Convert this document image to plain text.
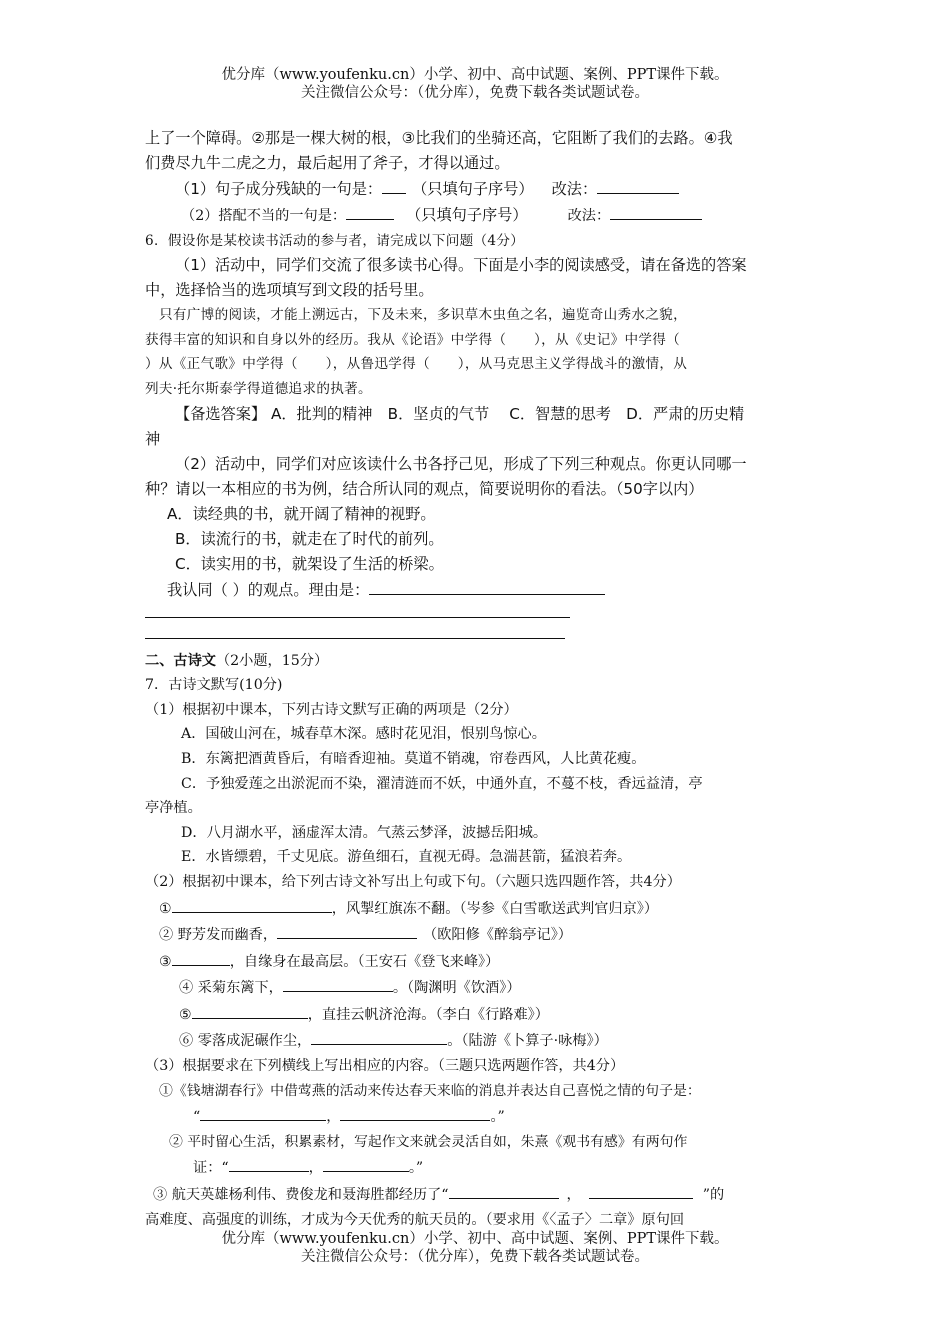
优分库（www.youfenku.cn）小学、初中、高中试题、案例、PPT课件下载。
关注微信公众号：（优分库），免费下载各类试题试卷。

上了一个障碍。②那是一棵大树的根，③比我们的坐骑还高，它阻断了我们的去路。④我

们费尽九牛二虎之力，最后起用了斧子，才得以通过。

（1）句子成分残缺的一句是： （只填句子序号） 改法：

（2）搭配不当的一句是：	（只填句子序号）	改法：
6．假设你是某校读书活动的参与者，请完成以下问题（4分）

（1）活动中，同学们交流了很多读书心得。下面是小李的阅读感受，请在备选的答案

中，选择恰当的选项填写到文段的括号里。

只有广博的阅读，才能上溯远古，下及未来，多识草木虫鱼之名，遍览奇山秀水之貌，

获得丰富的知识和自身以外的经历。我从《论语》中学得（　　），从《史记》中学得（

）从《正气歌》中学得（　　），从鲁迅学得（　　），从马克思主义学得战斗的激情，从

列夫·托尔斯泰学得道德追求的执著。

【备选答案】 A．批判的精神　B．坚贞的气节　 C．智慧的思考　D．严肃的历史精

神

（2）活动中，同学们对应该读什么书各抒己见，形成了下列三种观点。你更认同哪一

种？请以一本相应的书为例，结合所认同的观点，简要说明你的看法。（50字以内）

A．读经典的书，就开阔了精神的视野。

B．读流行的书，就走在了时代的前列。

C．读实用的书，就架设了生活的桥梁。

我认同（ ）的观点。理由是：

二、古诗文（2小题，15分）

7．古诗文默写(10分)

（1）根据初中课本，下列古诗文默写正确的两项是（2分）

A．国破山河在，城春草木深。感时花见泪，恨别鸟惊心。

B．东篱把酒黄昏后，有暗香迎袖。莫道不销魂，帘卷西风，人比黄花瘦。

C．予独爱莲之出淤泥而不染，濯清涟而不妖，中通外直，不蔓不枝，香远益清，亭

亭净植。

D．八月湖水平，涵虚浑太清。气蒸云梦泽，波撼岳阳城。

E．水皆缥碧，千丈见底。游鱼细石，直视无碍。急湍甚箭，猛浪若奔。

（2）根据初中课本，给下列古诗文补写出上句或下句。（六题只选四题作答，共4分）

①	，风掣红旗冻不翻。（岑参《白雪歌送武判官归京》）

② 野芳发而幽香，	（欧阳修《醉翁亭记》）

③	，自缘身在最高层。（王安石《登飞来峰》）

④ 采菊东篱下，	。（陶渊明《饮酒》）

⑤	，直挂云帆济沧海。（李白《行路难》）

⑥ 零落成泥碾作尘，	。（陆游《卜算子·咏梅》）

（3）根据要求在下列横线上写出相应的内容。（三题只选两题作答，共4分）

①《钱塘湖春行》中借莺燕的活动来传达春天来临的消息并表达自己喜悦之情的句子是：

“	，	。”

② 平时留心生活，积累素材，写起作文来就会灵活自如，朱熹《观书有感》有两句作

证：“	，	。”

③ 航天英雄杨利伟、费俊龙和聂海胜都经历了“	，	”的

高难度、高强度的训练，才成为今天优秀的航天员的。（要求用《〈孟子〉二章》原句回

优分库（www.youfenku.cn）小学、初中、高中试题、案例、PPT课件下载。
关注微信公众号：（优分库），免费下载各类试题试卷。
